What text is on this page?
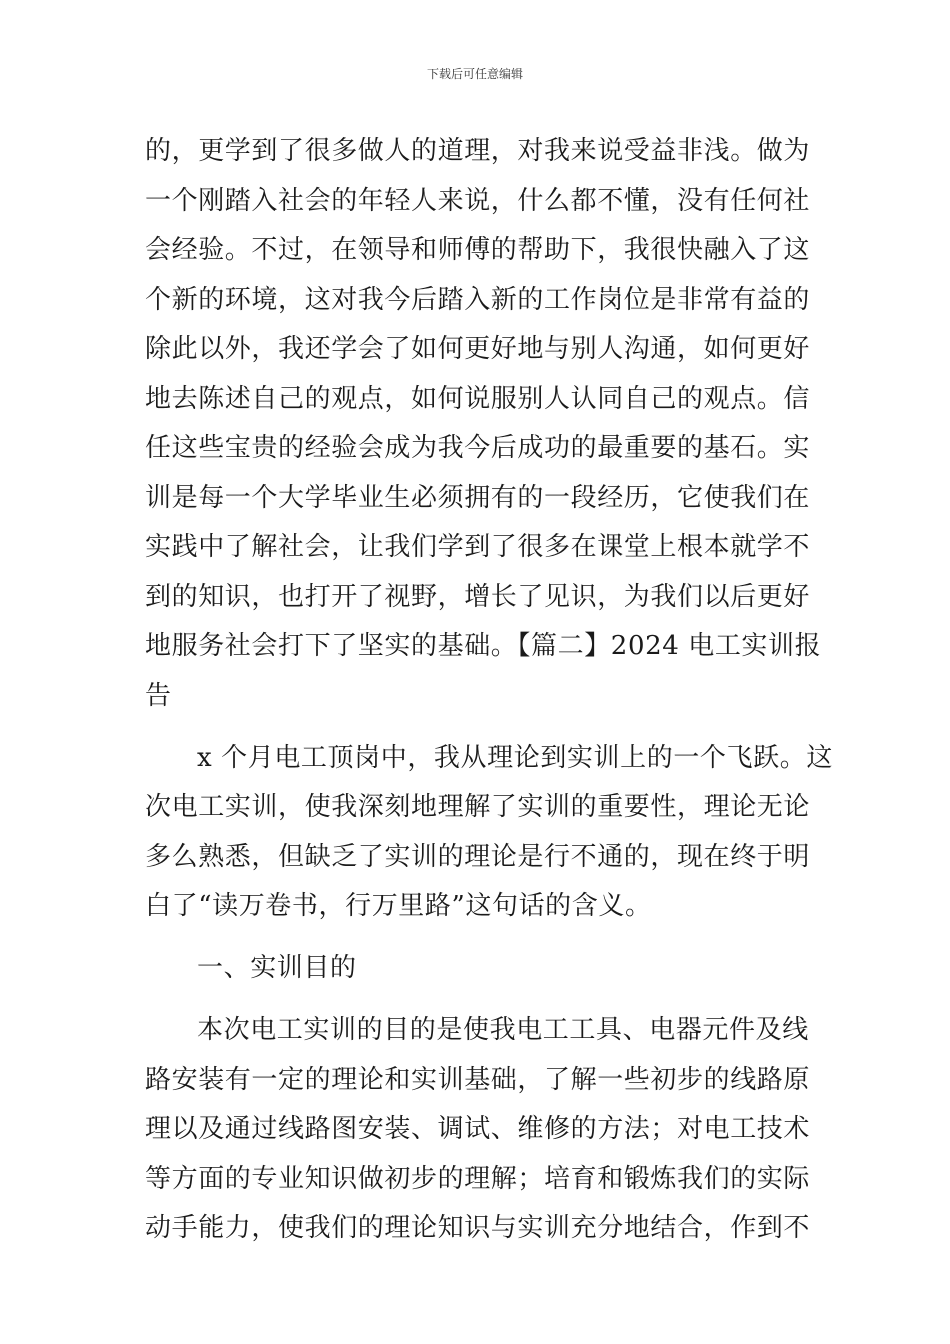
下载后可任意编辑
的，更学到了很多做人的道理，对我来说受益非浅。做为
一个刚踏入社会的年轻人来说，什么都不懂，没有任何社
会经验。不过，在领导和师傅的帮助下，我很快融入了这
个新的环境，这对我今后踏入新的工作岗位是非常有益的
除此以外，我还学会了如何更好地与别人沟通，如何更好
地去陈述自己的观点，如何说服别人认同自己的观点。信
任这些宝贵的经验会成为我今后成功的最重要的基石。实
训是每一个大学毕业生必须拥有的一段经历，它使我们在
实践中了解社会，让我们学到了很多在课堂上根本就学不
到的知识，也打开了视野，增长了见识，为我们以后更好
地服务社会打下了坚实的基础。【篇二】2024 电工实训报
告
x 个月电工顶岗中，我从理论到实训上的一个飞跃。这
次电工实训，使我深刻地理解了实训的重要性，理论无论
多么熟悉，但缺乏了实训的理论是行不通的，现在终于明
白了“读万卷书，行万里路”这句话的含义。
一、实训目的
本次电工实训的目的是使我电工工具、电器元件及线
路安装有一定的理论和实训基础，了解一些初步的线路原
理以及通过线路图安装、调试、维修的方法；对电工技术
等方面的专业知识做初步的理解；培育和锻炼我们的实际
动手能力，使我们的理论知识与实训充分地结合，作到不
